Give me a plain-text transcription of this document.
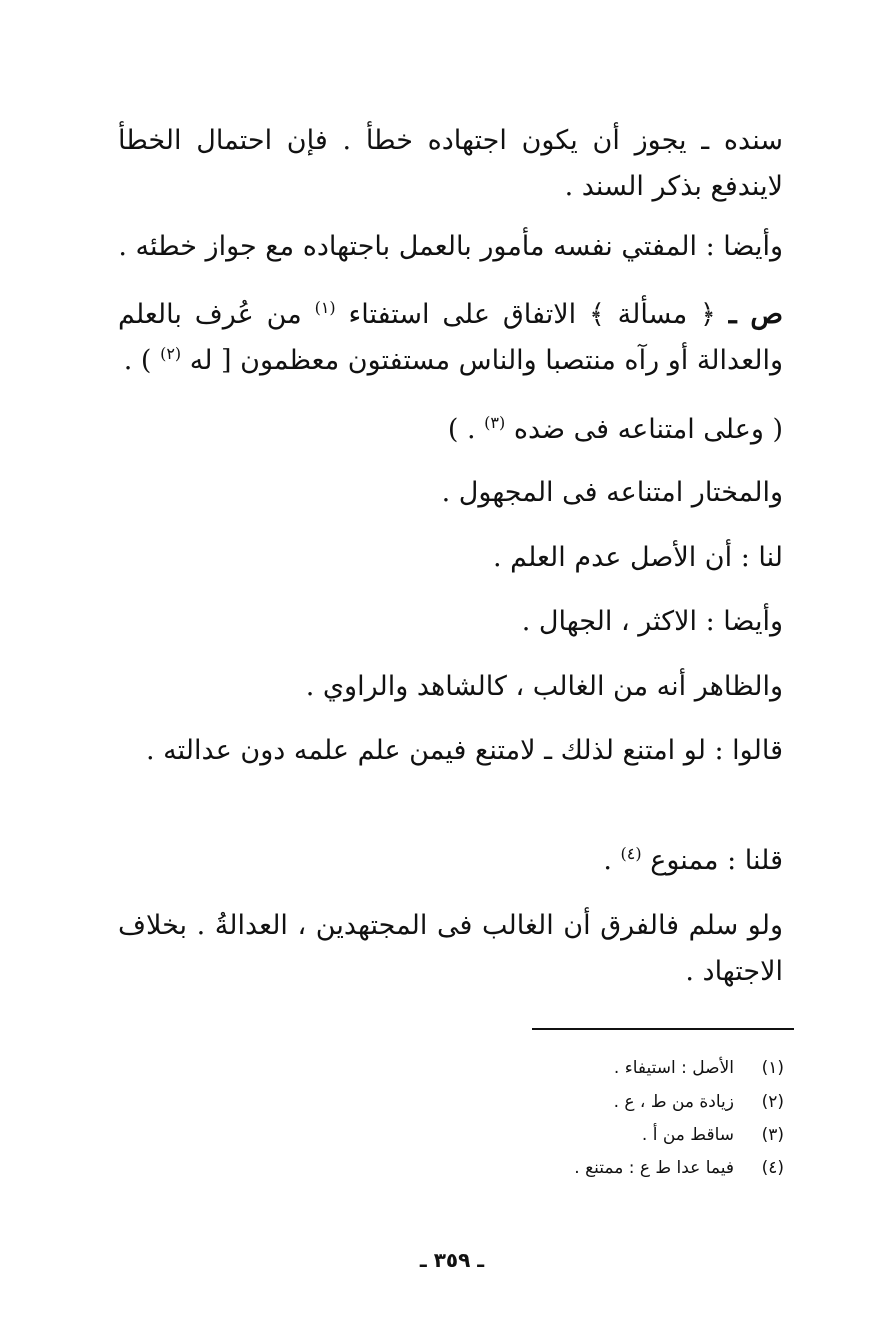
سنده ـ يجوز أن يكون اجتهاده خطأ . فإن احتمال الخطأ لايندفع بذكر السند .
وأيضا : المفتي نفسه مأمور بالعمل باجتهاده مع جواز خطئه .
ص ـ ﴿ مسألة ﴾ الاتفاق على استفتاء $^{(١)}$ من عُرف بالعلم والعدالة أو رآه منتصبا والناس مستفتون معظمون [ له $^{(٢)}$ ) .
( وعلى امتناعه فى ضده $^{(٣)}$ . )
والمختار امتناعه فى المجهول .
لنا : أن الأصل عدم العلم .
وأيضا : الاكثر ، الجهال .
والظاهر أنه من الغالب ، كالشاهد والراوي .
قالوا : لو امتنع لذلك ـ لامتنع فيمن علم علمه دون عدالته .
قلنا : ممنوع $^{(٤)}$ .
ولو سلم فالفرق أن الغالب فى المجتهدين ، العدالةُ . بخلاف الاجتهاد .
(١)
الأصل : استيفاء .
(٢)
زيادة من ط ، ع .
(٣)
ساقط من أ .
(٤)
فيما عدا ط ع : ممتنع .
ـ ٣٥٩ ـ
